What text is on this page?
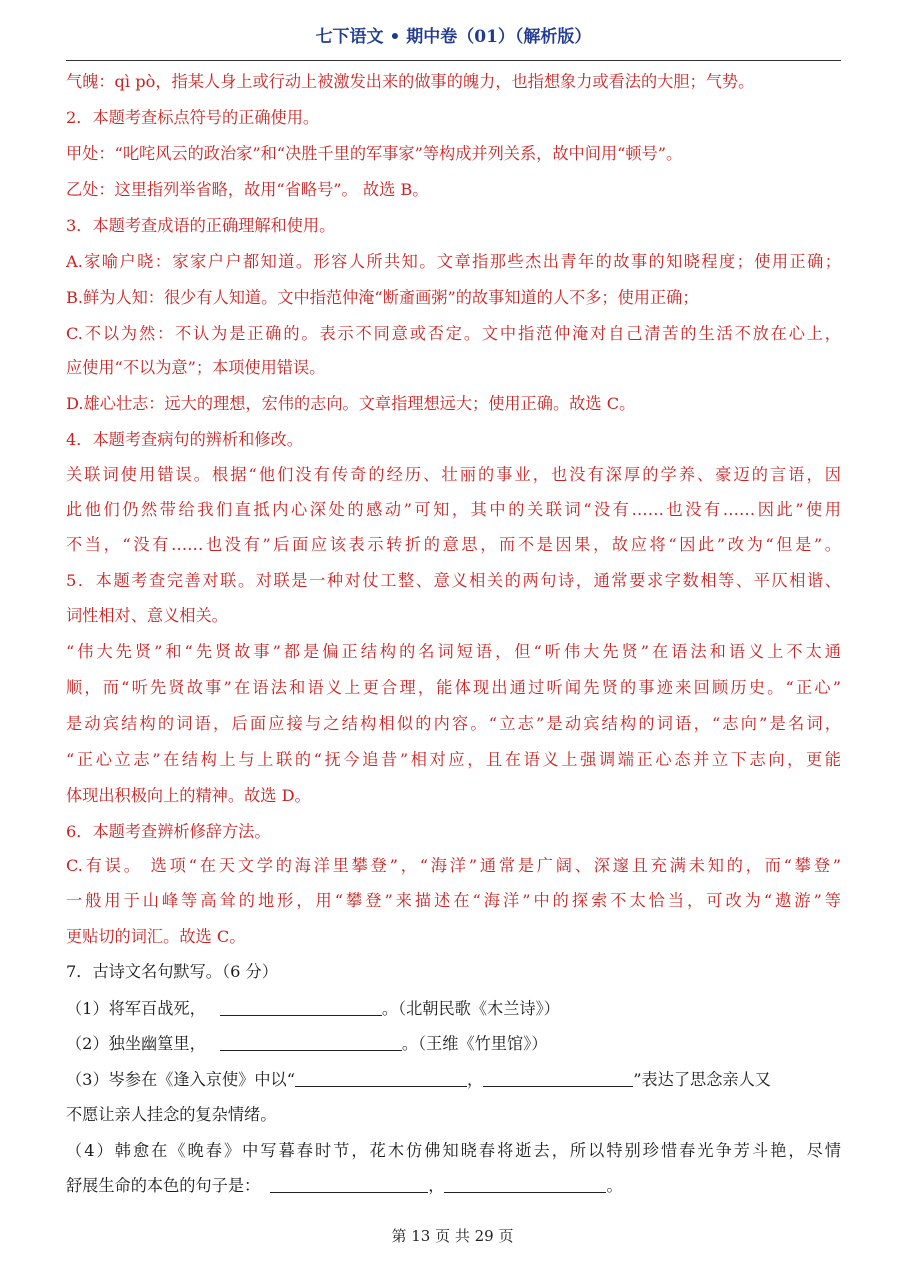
七下语文 • 期中卷（01）（解析版）
气魄：qì pò，指某人身上或行动上被激发出来的做事的魄力，也指想象力或看法的大胆；气势。
2．本题考查标点符号的正确使用。
甲处：“叱咤风云的政治家”和“决胜千里的军事家”等构成并列关系，故中间用“顿号”。
乙处：这里指列举省略，故用“省略号”。 故选 B。
3．本题考查成语的正确理解和使用。
A.家喻户晓：家家户户都知道。形容人所共知。文章指那些杰出青年的故事的知晓程度；使用正确；
B.鲜为人知：很少有人知道。文中指范仲淹“断齑画粥”的故事知道的人不多；使用正确；
C.不以为然：不认为是正确的。表示不同意或否定。文中指范仲淹对自己清苦的生活不放在心上，
应使用“不以为意”；本项使用错误。
D.雄心壮志：远大的理想，宏伟的志向。文章指理想远大；使用正确。故选 C。
4．本题考查病句的辨析和修改。
关联词使用错误。根据“他们没有传奇的经历、壮丽的事业，也没有深厚的学养、豪迈的言语，因
此他们仍然带给我们直抵内心深处的感动”可知，其中的关联词“没有……也没有……因此”使用
不当，“没有……也没有”后面应该表示转折的意思，而不是因果，故应将“因此”改为“但是”。
5．本题考查完善对联。对联是一种对仗工整、意义相关的两句诗，通常要求字数相等、平仄相谐、
词性相对、意义相关。
“伟大先贤”和“先贤故事”都是偏正结构的名词短语，但“听伟大先贤”在语法和语义上不太通
顺，而“听先贤故事”在语法和语义上更合理，能体现出通过听闻先贤的事迹来回顾历史。“正心”
是动宾结构的词语，后面应接与之结构相似的内容。“立志”是动宾结构的词语，“志向”是名词，
“正心立志”在结构上与上联的“抚今追昔”相对应，且在语义上强调端正心态并立下志向，更能
体现出积极向上的精神。故选 D。
6．本题考查辨析修辞方法。
C.有误。 选项“在天文学的海洋里攀登”，“海洋”通常是广阔、深邃且充满未知的，而“攀登”
一般用于山峰等高耸的地形，用“攀登”来描述在“海洋”中的探索不太恰当，可改为“遨游”等
更贴切的词汇。故选 C。
7．古诗文名句默写。（6 分）
（1）将军百战死，	。（北朝民歌《木兰诗》）
（2）独坐幽篁里，	。（王维《竹里馆》）
（3）岑参在《逢入京使》中以“	，	”表达了思念亲人又
不愿让亲人挂念的复杂情绪。
（4）韩愈在《晚春》中写暮春时节，花木仿佛知晓春将逝去，所以特别珍惜春光争芳斗艳，尽情
舒展生命的本色的句子是：	，	。
第 13 页 共 29 页
